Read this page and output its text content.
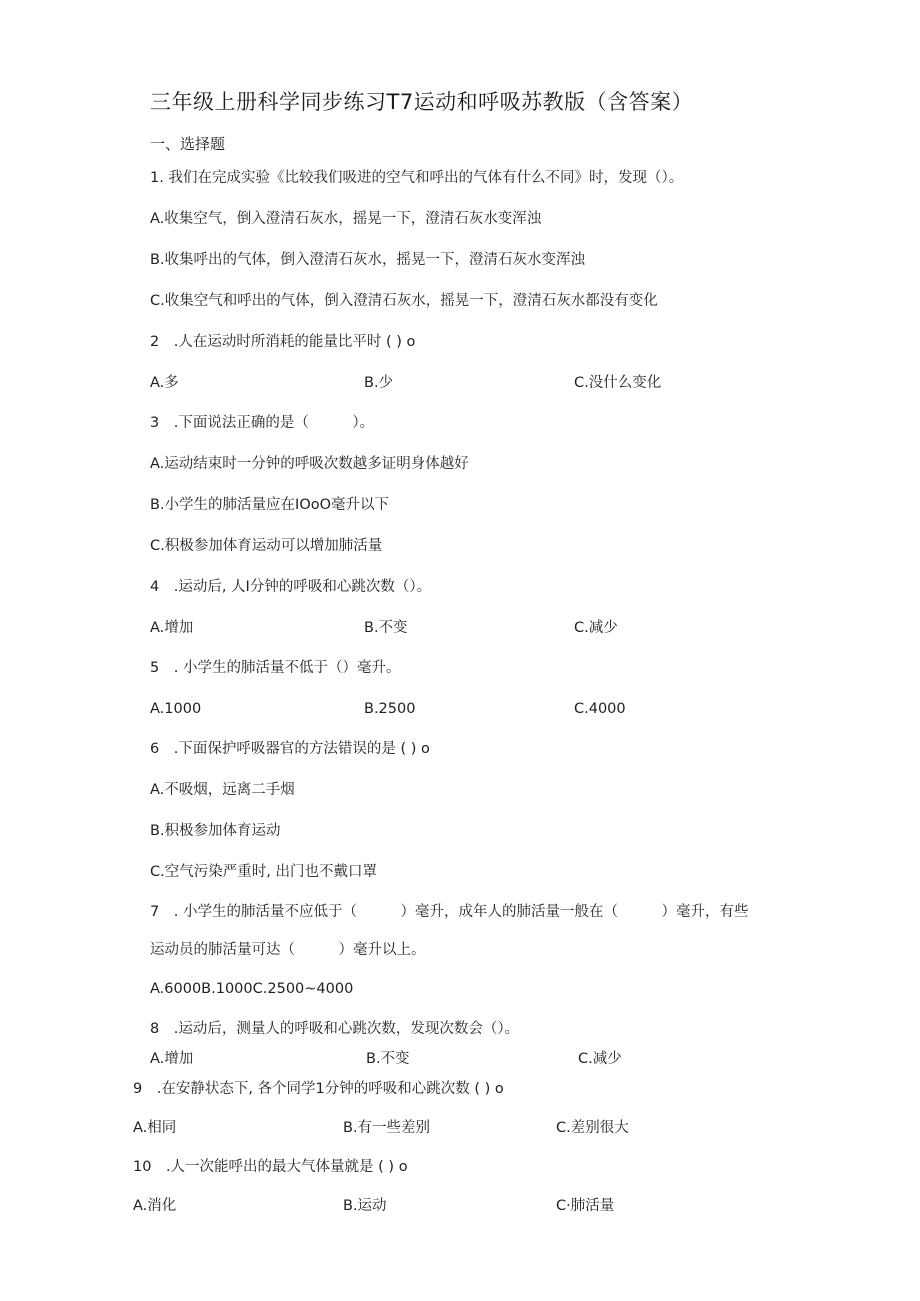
三年级上册科学同步练习T7运动和呼吸苏教版（含答案）
一、选择题
1. 我们在完成实验《比较我们吸进的空气和呼出的气体有什么不同》时，发现（）。
A.收集空气，倒入澄清石灰水，摇晃一下，澄清石灰水变浑浊
B.收集呼出的气体，倒入澄清石灰水，摇晃一下，澄清石灰水变浑浊
C.收集空气和呼出的气体，倒入澄清石灰水，摇晃一下，澄清石灰水都没有变化
2　.人在运动时所消耗的能量比平时 ( ) o
A.多	B.少	C.没什么变化
3　.下面说法正确的是（　　　）。
A.运动结束时一分钟的呼吸次数越多证明身体越好
B.小学生的肺活量应在IOoO毫升以下
C.积极参加体育运动可以增加肺活量
4　.运动后, 人I分钟的呼吸和心跳次数（）。
A.增加	B.不变	C.减少
5　. 小学生的肺活量不低于（）毫升。
A.1000	B.2500	C.4000
6　.下面保护呼吸器官的方法错误的是 ( ) o
A.不吸烟，远离二手烟
B.积极参加体育运动
C.空气污染严重时, 出门也不戴口罩
7　. 小学生的肺活量不应低于（　　　）毫升，成年人的肺活量一般在（　　　）毫升，有些
运动员的肺活量可达（　　　）毫升以上。
A.6000B.1000C.2500~4000
8　.运动后，测量人的呼吸和心跳次数，发现次数会（）。
A.增加	B.不变	C.减少
9　.在安静状态下, 各个同学1分钟的呼吸和心跳次数 ( ) o
A.相同	B.有一些差别	C.差别很大
10　.人一次能呼出的最大气体量就是 ( ) o
A.消化	B.运动	C·肺活量
